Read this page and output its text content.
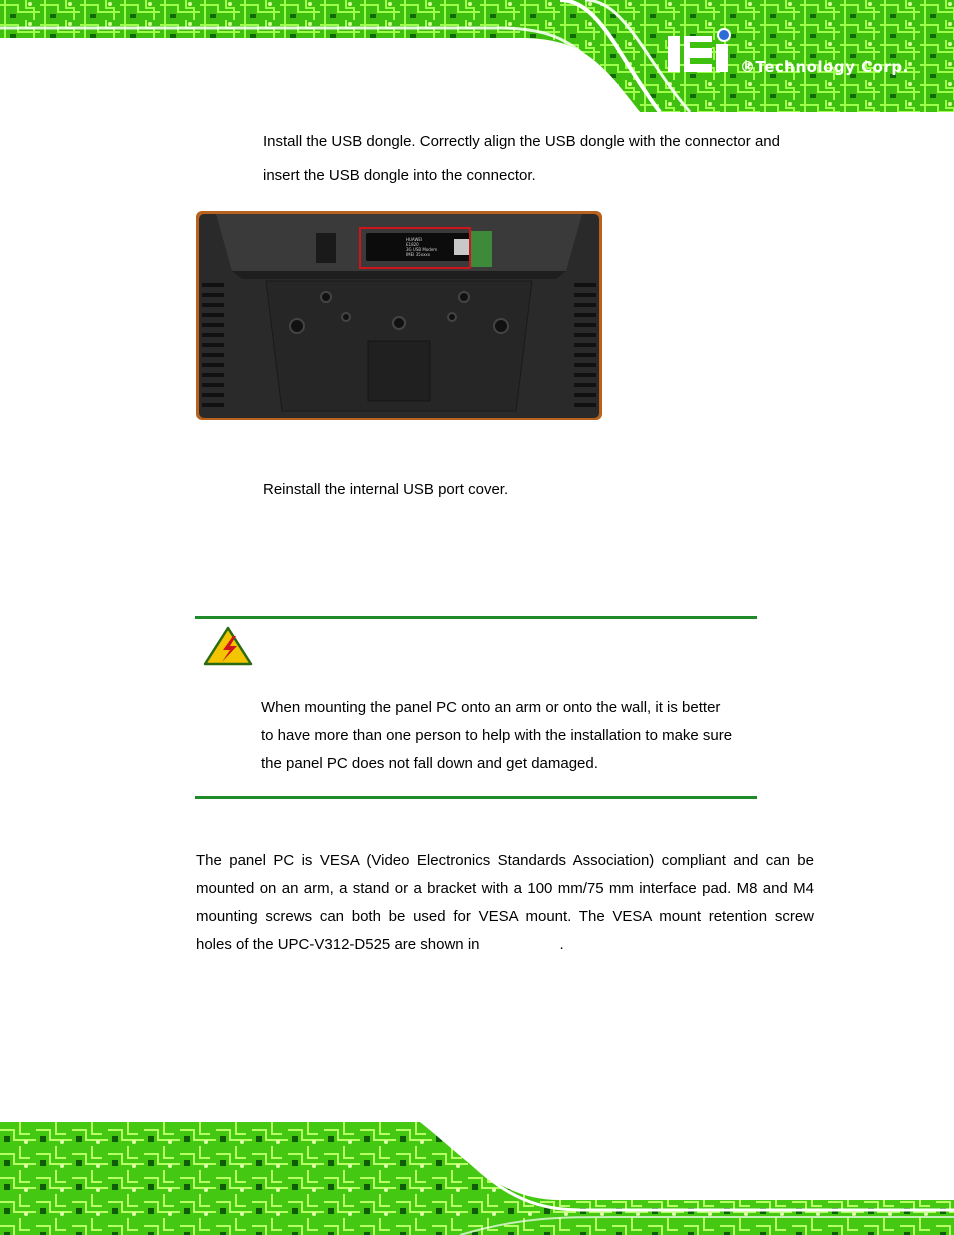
®Technology Corp.
Install the USB dongle. Correctly align the USB dongle with the connector and
insert the USB dongle into the connector.
HUAWEI
E1820
3G USB Modem
IMEI 35xxxx
Reinstall the internal USB port cover.
When mounting the panel PC onto an arm or onto the wall, it is better
to have more than one person to help with the installation to make sure
the panel PC does not fall down and get damaged.
The panel PC is VESA (Video Electronics Standards Association) compliant and can be
mounted on an arm, a stand or a bracket with a 100 mm/75 mm interface pad. M8 and M4
mounting screws can both be used for VESA mount. The VESA mount retention screw
holes of the UPC-V312-D525 are shown in	.
